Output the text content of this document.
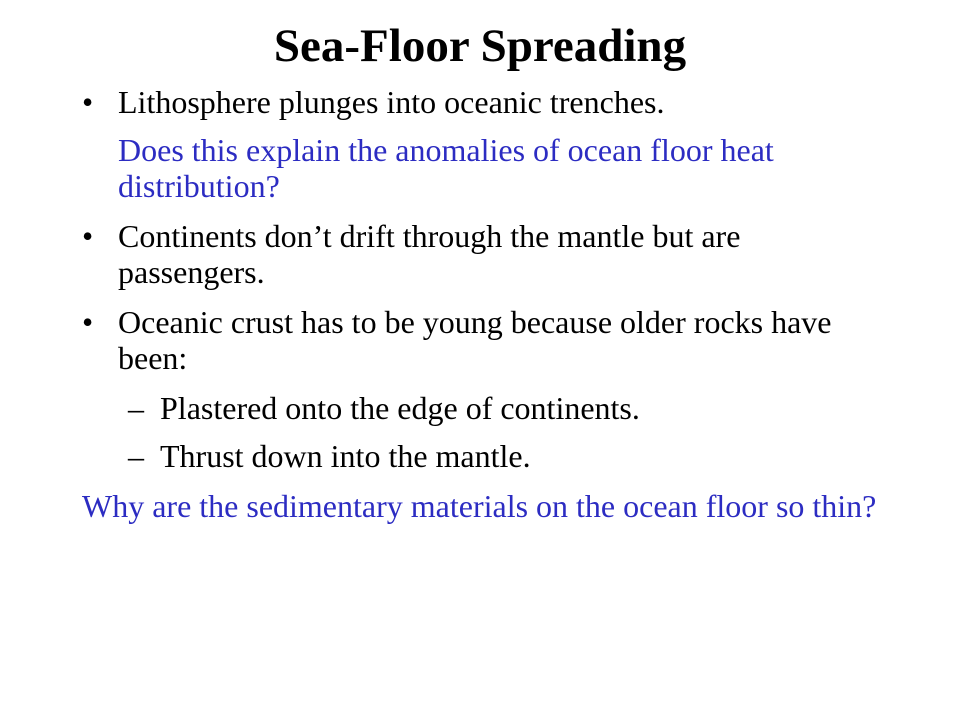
Sea-Floor Spreading
• Lithosphere plunges into oceanic trenches.
Does this explain the anomalies of ocean floor heat distribution?
• Continents don’t drift through the mantle but are passengers.
• Oceanic crust has to be young because older rocks have been:
– Plastered onto the edge of continents.
– Thrust down into the mantle.
Why are the sedimentary materials on the ocean floor so thin?
